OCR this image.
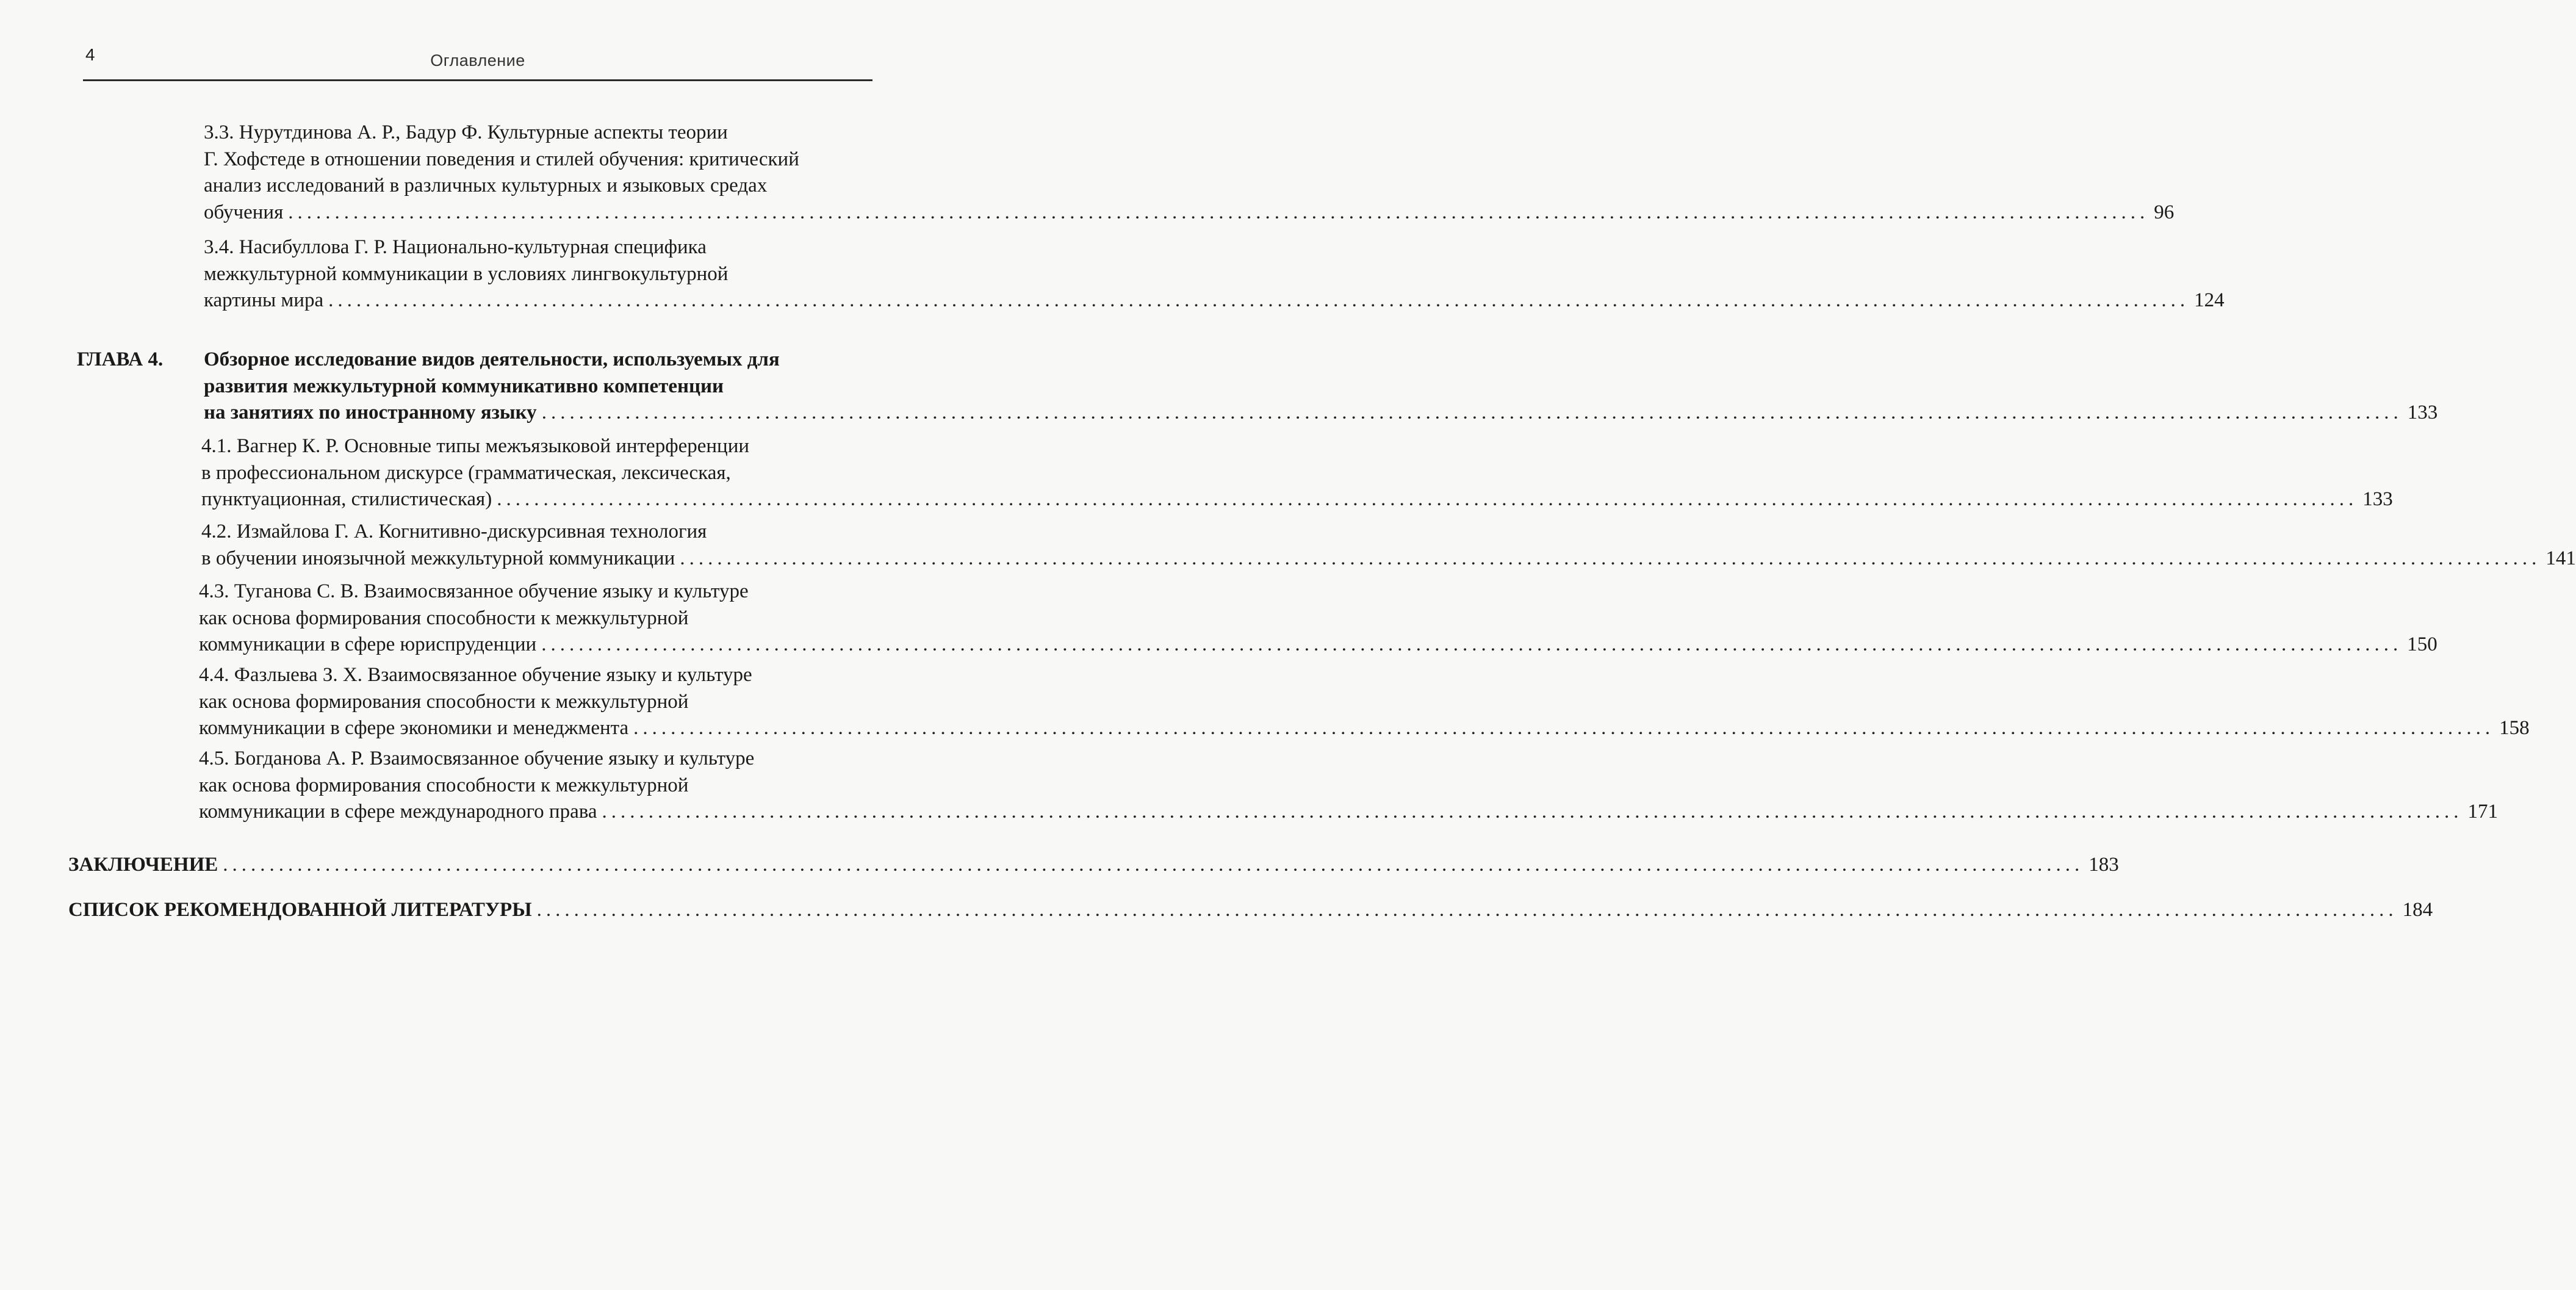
4	Оглавление
3.3. Нурутдинова А. Р., Бадур Ф. Культурные аспекты теории
Г. Хофстеде в отношении поведения и стилей обучения: критический
анализ исследований в различных культурных и языковых средах
обучения ........................................................................................................................................................................................................ 96
3.4. Насибуллова Г. Р. Национально-культурная специфика
межкультурной коммуникации в условиях лингвокультурной
картины мира ........................................................................................................................................................................................................ 124
ГЛАВА 4. Обзорное исследование видов деятельности, используемых для
развития межкультурной коммуникативно компетенции
на занятиях по иностранному языку ........................................................................................................................................................................................................ 133
4.1. Вагнер К. Р. Основные типы межъязыковой интерференции
в профессиональном дискурсе (грамматическая, лексическая,
пунктуационная, стилистическая) ........................................................................................................................................................................................................ 133
4.2. Измайлова Г. А. Когнитивно-дискурсивная технология
в обучении иноязычной межкультурной коммуникации ........................................................................................................................................................................................................ 141
4.3. Туганова С. В. Взаимосвязанное обучение языку и культуре
как основа формирования способности к межкультурной
коммуникации в сфере юриспруденции ........................................................................................................................................................................................................ 150
4.4. Фазлыева З. Х. Взаимосвязанное обучение языку и культуре
как основа формирования способности к межкультурной
коммуникации в сфере экономики и менеджмента ........................................................................................................................................................................................................ 158
4.5. Богданова А. Р. Взаимосвязанное обучение языку и культуре
как основа формирования способности к межкультурной
коммуникации в сфере международного права ........................................................................................................................................................................................................ 171
ЗАКЛЮЧЕНИЕ ........................................................................................................................................................................................................ 183
СПИСОК РЕКОМЕНДОВАННОЙ ЛИТЕРАТУРЫ ........................................................................................................................................................................................................ 184
